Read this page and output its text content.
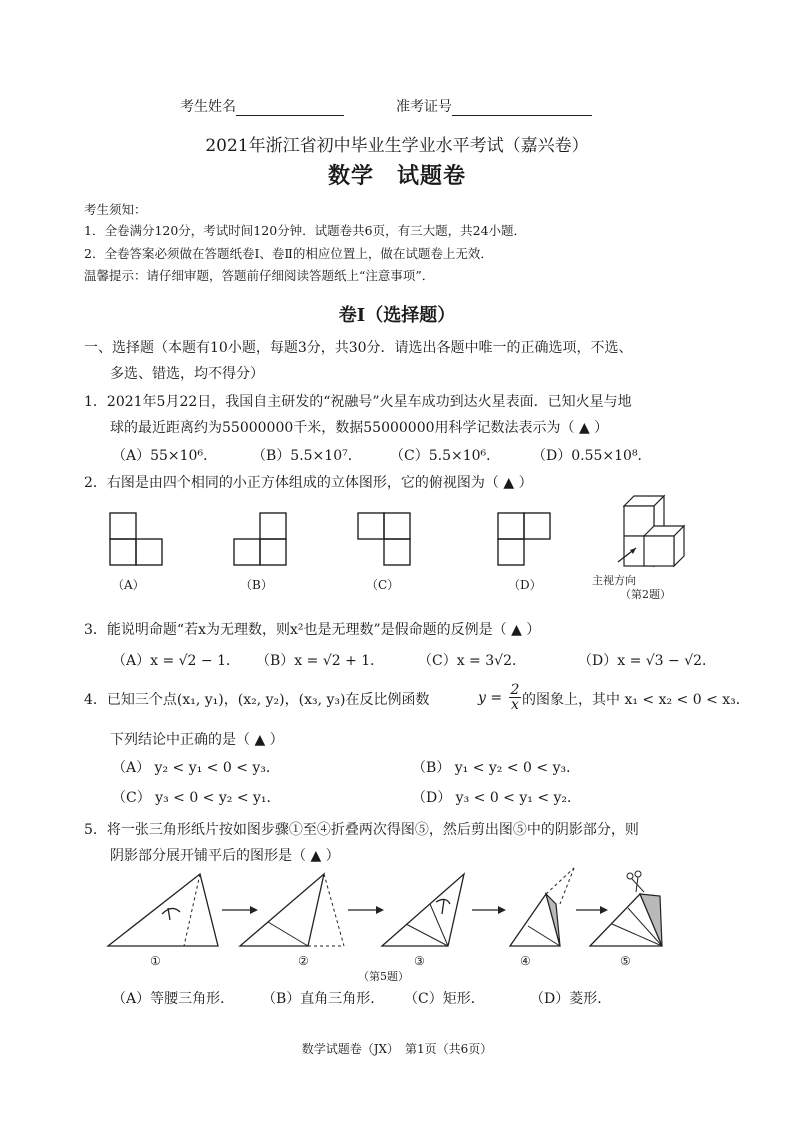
考生姓名	准考证号
2021年浙江省初中毕业生学业水平考试（嘉兴卷）
数学　试题卷
考生须知：
1．全卷满分120分，考试时间120分钟．试题卷共6页，有三大题，共24小题．
2．全卷答案必须做在答题纸卷Ⅰ、卷Ⅱ的相应位置上，做在试题卷上无效．
温馨提示：请仔细审题，答题前仔细阅读答题纸上“注意事项”．
卷Ⅰ（选择题）
一、选择题（本题有10小题，每题3分，共30分．请选出各题中唯一的正确选项，不选、
多选、错选，均不得分）
1．2021年5月22日，我国自主研发的“祝融号”火星车成功到达火星表面．已知火星与地
球的最近距离约为55000000千米，数据55000000用科学记数法表示为（ ▲ ）
（A）55×10⁶． （B）5.5×10⁷． （C）5.5×10⁶． （D）0.55×10⁸．
2．右图是由四个相同的小正方体组成的立体图形，它的俯视图为（ ▲ ）
（A）	（B）	（C）	（D）	主视方向
（第2题）
3．能说明命题“若x为无理数，则x²也是无理数”是假命题的反例是（ ▲ ）
（A）x = √2 − 1． （B）x = √2 + 1． （C）x = 3√2．	（D）x = √3 − √2．
4．已知三个点(x₁, y₁)，(x₂, y₂)，(x₃, y₃)在反比例函数	$y = \frac{2}{x}$ 的图象上，其中 x₁ < x₂ < 0 < x₃．
下列结论中正确的是（ ▲ ）
（A） y₂ < y₁ < 0 < y₃．	（B） y₁ < y₂ < 0 < y₃．
（C） y₃ < 0 < y₂ < y₁．	（D） y₃ < 0 < y₁ < y₂．
5．将一张三角形纸片按如图步骤①至④折叠两次得图⑤，然后剪出图⑤中的阴影部分，则
阴影部分展开铺平后的图形是（ ▲ ）
①	②	③	④	⑤
（第5题）
（A）等腰三角形． （B）直角三角形． （C）矩形．	（D）菱形．
数学试题卷（JX）　第1页（共6页）
